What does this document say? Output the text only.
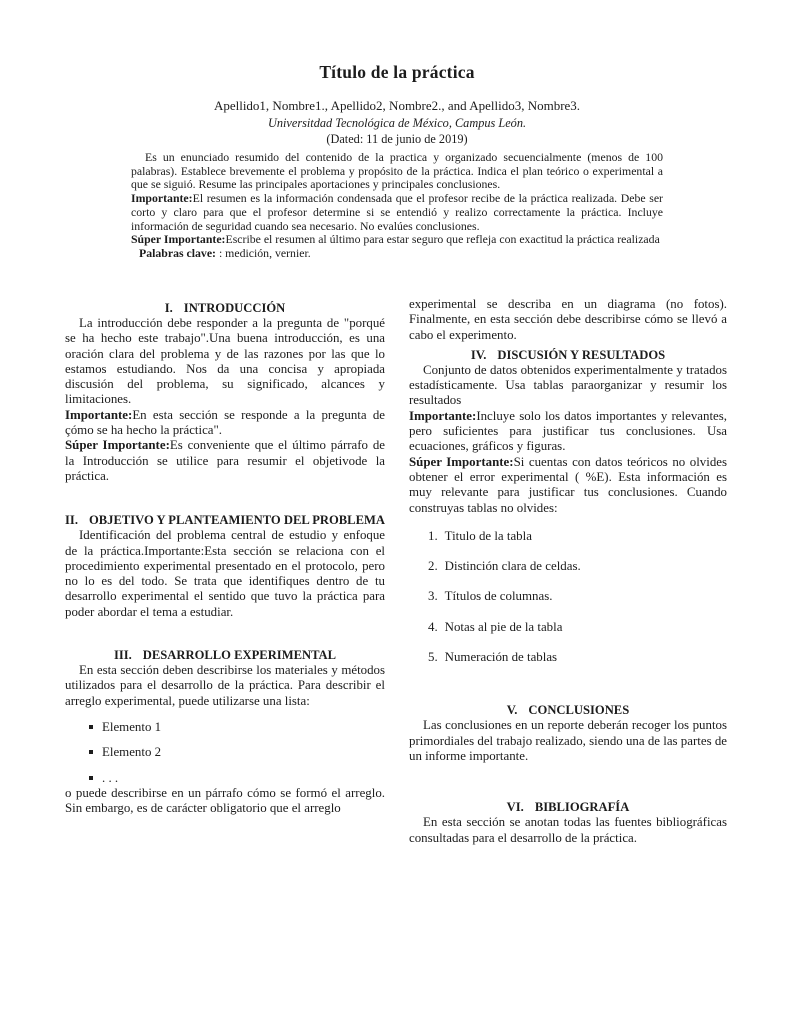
Título de la práctica

Apellido1, Nombre1., Apellido2, Nombre2., and Apellido3, Nombre3.

Universitdad Tecnológica de México, Campus León.

(Dated: 11 de junio de 2019)

Es un enunciado resumido del contenido de la practica y organizado secuencialmente (menos de 100 palabras). Establece brevemente el problema y propósito de la práctica. Indica el plan teórico o experimental a que se siguió. Resume las principales aportaciones y principales conclusiones.

Importante:El resumen es la información condensada que el profesor recibe de la práctica realizada. Debe ser corto y claro para que el profesor determine si se entendió y realizo correctamente la práctica. Incluye información de seguridad cuando sea necesario. No evalúes conclusiones.

Súper Importante:Escribe el resumen al último para estar seguro que refleja con exactitud la práctica realizada

Palabras clave: : medición, vernier.

I. INTRODUCCIÓN

La introducción debe responder a la pregunta de "porqué se ha hecho este trabajo".Una buena introducción, es una oración clara del problema y de las razones por las que lo estamos estudiando. Nos da una concisa y apropiada discusión del problema, su significado, alcances y limitaciones.

Importante:En esta sección se responde a la pregunta de çómo se ha hecho la práctica".

Súper Importante:Es conveniente que el último párrafo de la Introducción se utilice para resumir el objetivode la práctica.

II. OBJETIVO Y PLANTEAMIENTO DEL PROBLEMA

Identificación del problema central de estudio y enfoque de la práctica.Importante:Esta sección se relaciona con el procedimiento experimental presentado en el protocolo, pero no lo es del todo. Se trata que identifiques dentro de tu desarrollo experimental el sentido que tuvo la práctica para poder abordar el tema a estudiar.

III. DESARROLLO EXPERIMENTAL

En esta sección deben describirse los materiales y métodos utilizados para el desarrollo de la práctica. Para describir el arreglo experimental, puede utilizarse una lista:

Elemento 1
Elemento 2
. . .

o puede describirse en un párrafo cómo se formó el arreglo. Sin embargo, es de carácter obligatorio que el arreglo

experimental se describa en un diagrama (no fotos). Finalmente, en esta sección debe describirse cómo se llevó a cabo el experimento.

IV. DISCUSIÓN Y RESULTADOS

Conjunto de datos obtenidos experimentalmente y tratados estadísticamente. Usa tablas paraorganizar y resumir los resultados

Importante:Incluye solo los datos importantes y relevantes, pero suficientes para justificar tus conclusiones. Usa ecuaciones, gráficos y figuras.

Súper Importante:Si cuentas con datos teóricos no olvides obtener el error experimental ( %E). Esta información es muy relevante para justificar tus conclusiones. Cuando construyas tablas no olvides:

1. Titulo de la tabla
2. Distinción clara de celdas.
3. Títulos de columnas.
4. Notas al pie de la tabla
5. Numeración de tablas
V. CONCLUSIONES

Las conclusiones en un reporte deberán recoger los puntos primordiales del trabajo realizado, siendo una de las partes de un informe importante.

VI. BIBLIOGRAFÍA

En esta sección se anotan todas las fuentes bibliográficas consultadas para el desarrollo de la práctica.
